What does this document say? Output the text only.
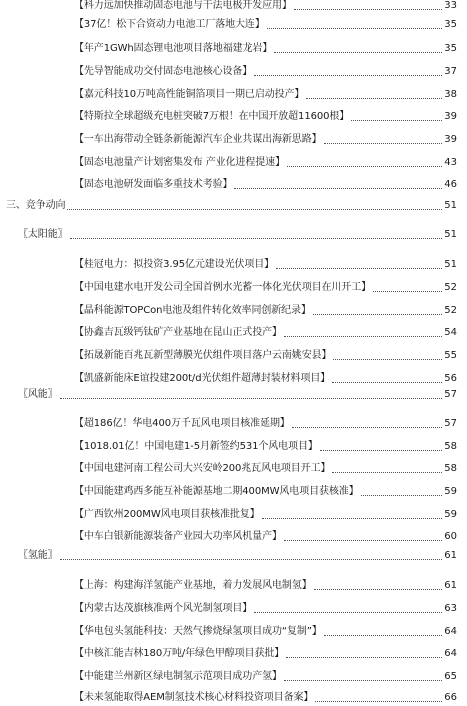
【科力远加快推动固态电池与干法电极开发应用】	33
【37亿！松下合资动力电池工厂落地大连】	35
【年产1GWh固态锂电池项目落地福建龙岩】	35
【先导智能成功交付固态电池核心设备】	37
【嘉元科技10万吨高性能铜箔项目一期已启动投产】	38
【特斯拉全球超级充电桩突破7万根！在中国开放超11600根】	39
【一车出海带动全链条新能源汽车企业共谋出海新思路】	39
【固态电池量产计划密集发布 产业化进程提速】	43
【固态电池研发面临多重技术考验】	46
三、竞争动向	51
〖太阳能〗	51
【桂冠电力：拟投资3.95亿元建设光伏项目】	51
【中国电建水电开发公司全国首例水光蓄一体化光伏项目在川开工】	52
【晶科能源TOPCon电池及组件转化效率同创新纪录】	52
【协鑫吉瓦级钙钛矿产业基地在昆山正式投产】	54
【拓晟新能百兆瓦新型薄膜光伏组件项目落户云南姚安县】	55
【凯盛新能床E谊投建200t/d光伏组件超薄封装材料项目】	56
〖风能〗	57
【超186亿！华电400万千瓦风电项目核准延期】	57
【1018.01亿！中国电建1-5月新签约531个风电项目】	58
【中国电建河南工程公司大兴安岭200兆瓦风电项目开工】	58
【中国能建鸡西多能互补能源基地二期400MW风电项目获核准】	59
【广西钦州200MW风电项目获核准批复】	59
【中车白银新能源装备产业园大功率风机量产】	60
〖氢能〗	61
【上海：构建海洋氢能产业基地，着力发展风电制氢】	61
【内蒙古达茂旗核准两个风光制氢项目】	63
【华电包头氢能科技：天然气掺烧绿氢项目成功“复制”】	64
【中核汇能吉林180万吨/年绿色甲醇项目获批】	64
【中能建兰州新区绿电制氢示范项目成功产氢】	65
【未来氢能取得AEM制氢技术核心材料投资项目备案】	66
